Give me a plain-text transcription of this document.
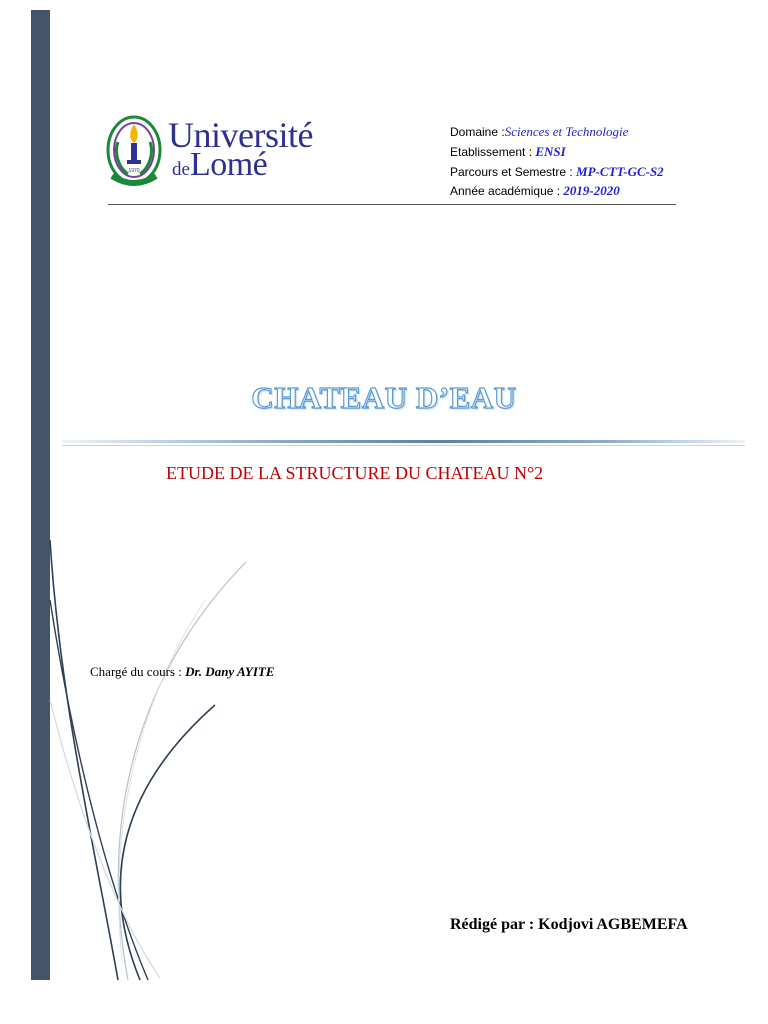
1970
Université
deLomé
Domaine :Sciences et Technologie
Etablissement : ENSI
Parcours et Semestre : MP-CTT-GC-S2
Année académique : 2019-2020
CHATEAU D’EAU
ETUDE DE LA STRUCTURE DU CHATEAU N°2
Chargé du cours : Dr. Dany AYITE
Rédigé par : Kodjovi AGBEMEFA
